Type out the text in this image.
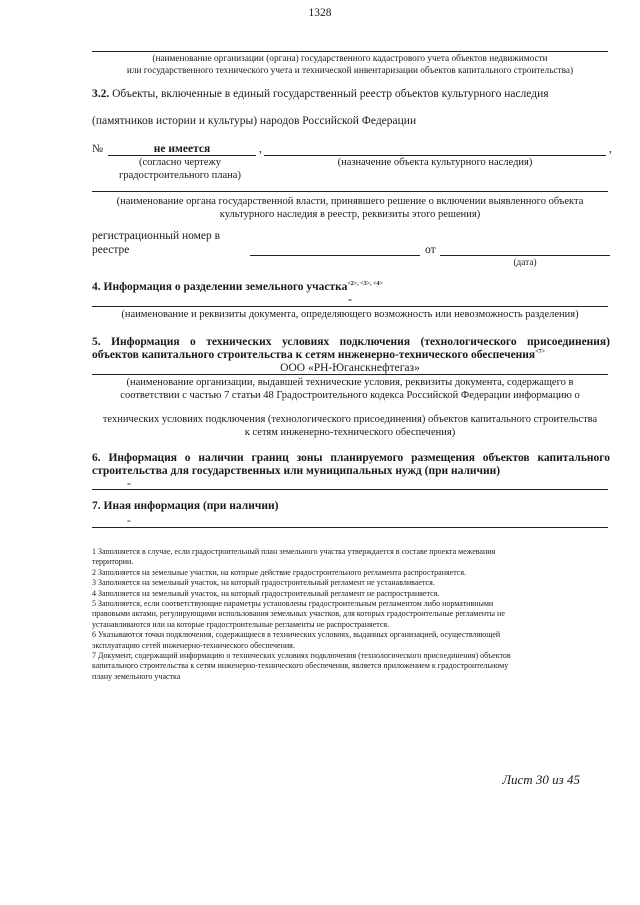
1328
(наименование организации (органа) государственного кадастрового учета объектов недвижимости
или государственного технического учета и технической инвентаризации объектов капитального строительства)
3.2. Объекты, включенные в единый государственный реестр объектов культурного наследия
(памятников истории и культуры) народов Российской Федерации
№	не имеется	,	,
(согласно чертежу
градостроительного плана)
(назначение объекта культурного наследия)
(наименование органа государственной власти, принявшего решение о включении выявленного объекта
культурного наследия в реестр, реквизиты этого решения)
регистрационный номер в
реестре	от
(дата)
4. Информация о разделении земельного участка$^{<2>, <3>, <4>}$
-
(наименование и реквизиты документа, определяющего возможность или невозможность разделения)
5. Информация о технических условиях подключения (технологического присоединения)
объектов капитального строительства к сетям инженерно-технического обеспечения$^{<7>}$
ООО «РН-Юганскнефтегаз»
(наименование организации, выдавшей технические условия, реквизиты документа, содержащего в
соответствии с частью 7 статьи 48 Градостроительного кодекса Российской Федерации информацию о
технических условиях подключения (технологического присоединения) объектов капитального строительства
к сетям инженерно-технического обеспечения)
6. Информация о наличии границ зоны планируемого размещения объектов капитального
строительства для государственных или муниципальных нужд (при наличии)
-
7. Иная информация (при наличии)
-

1 Заполняется в случае, если градостроительный план земельного участка утверждается в составе проекта межевания

территории.

2 Заполняется на земельные участки, на которые действие градостроительного регламента распространяется.

3 Заполняется на земельный участок, на который градостроительный регламент не устанавливается.

4 Заполняется на земельный участок, на который градостроительный регламент не распространяется.

5 Заполняется, если соответствующие параметры установлены градостроительным регламентом либо нормативными

правовыми актами, регулирующими использования земельных участков, для которых градостроительные регламенты не

устанавливаются или на которые градостроительные регламенты не распространяется.

6 Указываются точки подключения, содержащиеся в технических условиях, выданных организацией, осуществляющей

эксплуатацию сетей инженерно-технического обеспечения.

7 Документ, содержащий информацию о технических условиях подключения (технологического присоединения) объектов

капитального строительства к сетям инженерно-технического обеспечения, является приложением к градостроительному

плану земельного участка

Лист 30 из 45
